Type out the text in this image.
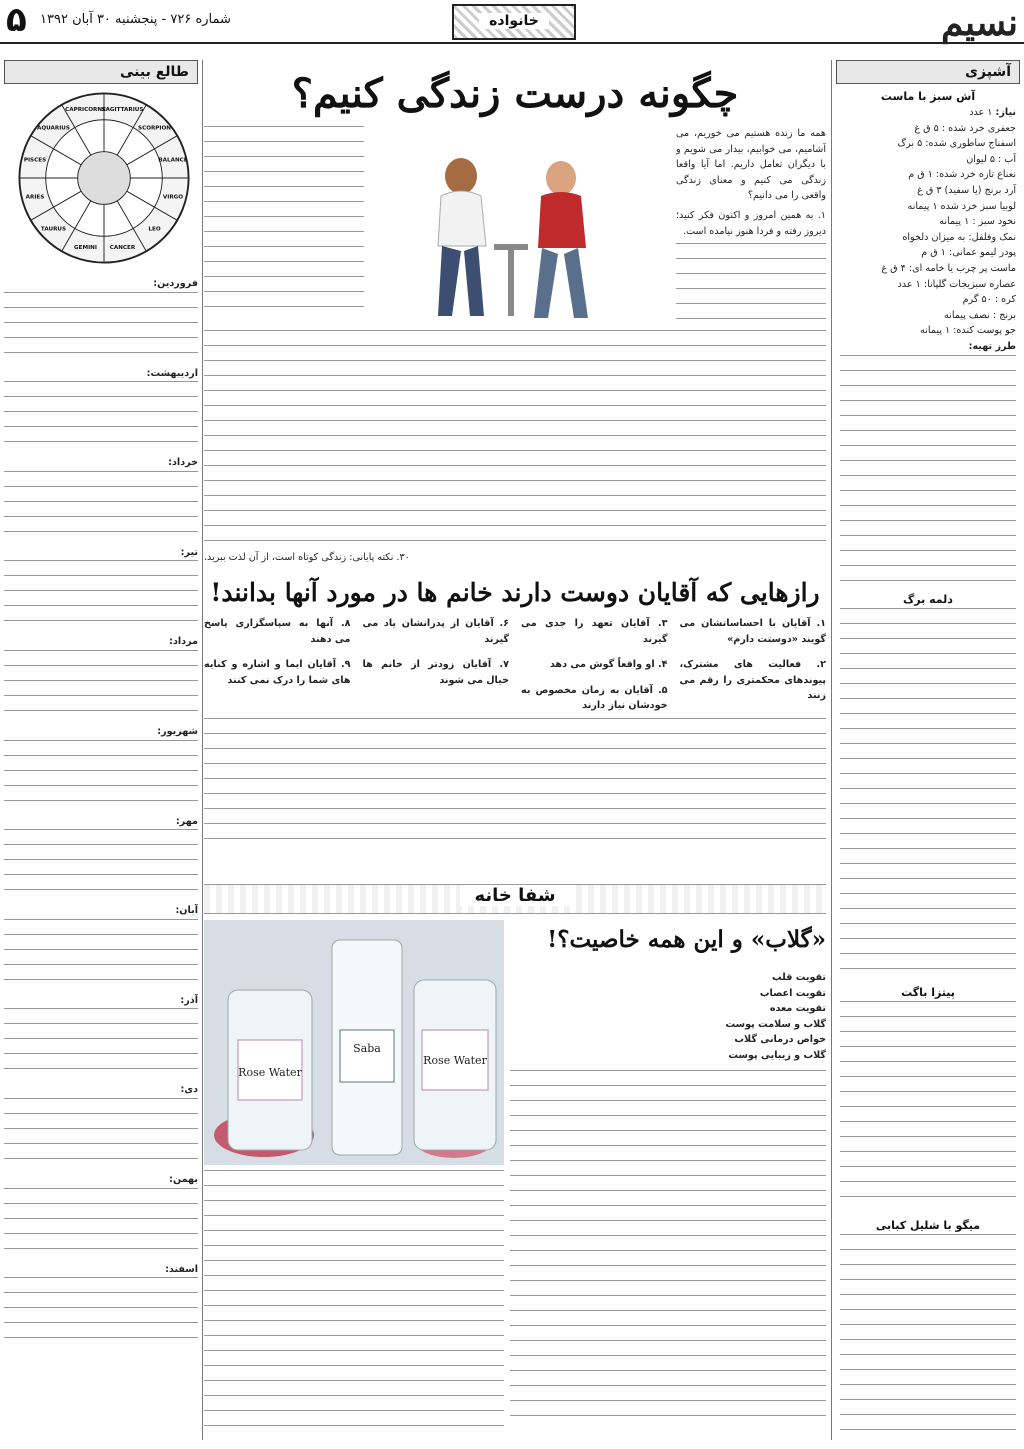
نسیم
۵ شماره ۷۲۶ - پنجشنبه ۳۰ آبان ۱۳۹۲	خانواده
آشپزی
آش سبز با ماست
نیاز: ۱ عدد
جعفری خرد شده : ۵ ق غ
اسفناج ساطوری شده: ۵ برگ
آب : ۵ لیوان
نعناع تازه خرد شده: ۱ ق م
آرد برنج (یا سفید) ۳ ق غ
لوبیا سبز خرد شده ۱ پیمانه
نخود سبز : ۱ پیمانه
نمک وفلفل: به میزان دلخواه
پودر لیمو عمانی: ۱ ق م
ماست پر چرب یا خامه ای: ۴ ق غ
عصاره سبزیجات گلپانا: ۱ عدد
کره : ۵۰ گرم
برنج : نصف پیمانه
جو پوست کنده: ۱ پیمانه
طرز تهیه:
دلمه برگ
پیتزا باگت
میگو با شلیل کبابی
طالع بینی
SAGITTARIUS
SCORPION
BALANCE
VIRGO
LEO
CANCER
GEMINI
TAURUS
ARIES
PISCES
AQUARIUS
CAPRICORNE
فروردین:
اردیبهشت:
خرداد:
تیر:
مرداد:
شهریور:
مهر:
آبان:
آذر:
دی:
بهمن:
اسفند:
چگونه درست زندگی کنیم؟
همه ما زنده هستیم می خوریم، می آشامیم، می خوابیم، بیدار می شویم و با دیگران تعامل داریم. اما آیا واقعا زندگی می کنیم و معنای زندگی واقعی را می دانیم؟
۱. به همین امروز و اکنون فکر کنید؛ دیروز رفته و فردا هنوز نیامده است.
۳۰. نکته پایانی: زندگی کوتاه است، از آن لذت ببرید.
رازهایی که آقایان دوست دارند خانم ها در مورد آنها بدانند!
۱. آقایان با احساساتشان می گویند «دوستت دارم»
۲. فعالیت های مشترک، پیوندهای محکمتری را رقم می زنند
۳. آقایان تعهد را جدی می گیرند
۴. او واقعاً گوش می دهد
۵. آقایان به زمان مخصوص به خودشان نیاز دارند
۶. آقایان از پدرانشان یاد می گیرند
۷. آقایان زودتر از خانم ها خیال می شوند
۸. آنها به سپاسگزاری پاسخ می دهند
۹. آقایان ایما و اشاره و کنایه های شما را درک نمی کنند
شفا خانه
«گلاب» و این همه خاصیت؟!
Rose Water
Saba
Rose Water
تقویت قلب
تقویت اعصاب
تقویت معده
گلاب و سلامت پوست
خواص درمانی گلاب
گلاب و زیبایی پوست
